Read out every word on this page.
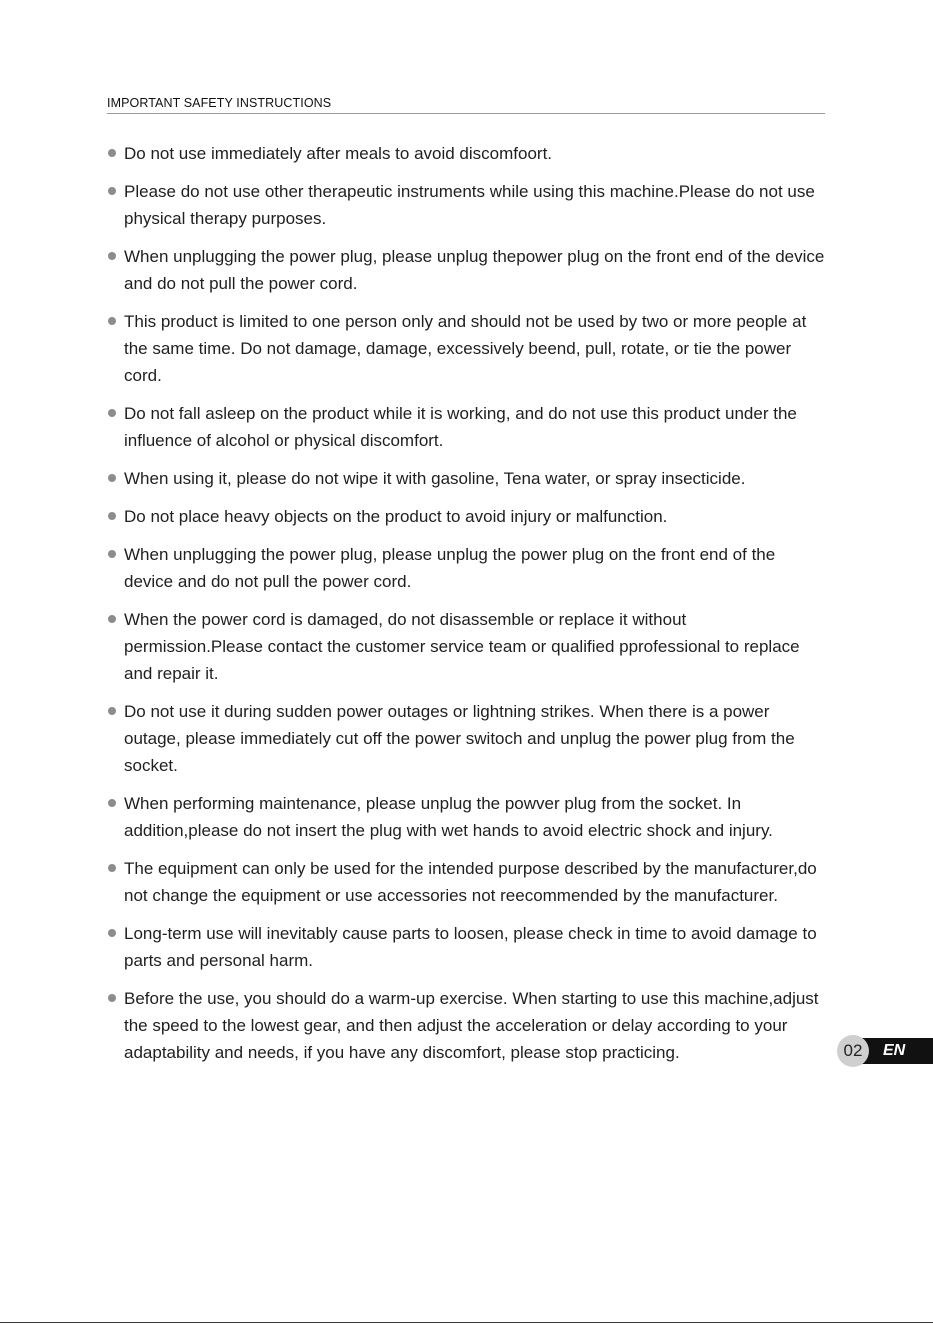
IMPORTANT SAFETY INSTRUCTIONS
Do not use immediately after meals to avoid discomfoort.
Please do not use other therapeutic instruments while using this machine.Please do not use physical therapy purposes.
When unplugging the power plug, please unplug thepower plug on the front end of the device and do not pull the power cord.
This product is limited to one person only and should not be used by two or more people at the same time. Do not damage, damage, excessively beend, pull, rotate, or tie the power cord.
Do not fall asleep on the product while it is working, and do not use this product under the influence of alcohol or physical discomfort.
When using it, please do not wipe it with gasoline, Tena water, or spray insecticide.
Do not place heavy objects on the product to avoid injury or malfunction.
When unplugging the power plug, please unplug the power plug on the front end of the device and do not pull the power cord.
When the power cord is damaged, do not disassemble or replace it without permission.Please contact the customer service team or qualified pprofessional to replace and repair it.
Do not use it during sudden power outages or lightning strikes. When there is a power outage, please immediately cut off the power switoch and unplug the power plug from the socket.
When performing maintenance, please unplug the powver plug from the socket. In addition,please do not insert the plug with wet hands to avoid electric shock and injury.
The equipment can only be used for the intended purpose described by the manufacturer,do not change the equipment or use accessories not reecommended by the manufacturer.
Long-term use will inevitably cause parts to loosen, please check in time to avoid damage to parts and personal harm.
Before the use, you should do a warm-up exercise. When starting to use this machine,adjust the speed to the lowest gear, and then adjust the acceleration or delay according to your adaptability and needs, if you have any discomfort, please stop practicing.	02	EN
